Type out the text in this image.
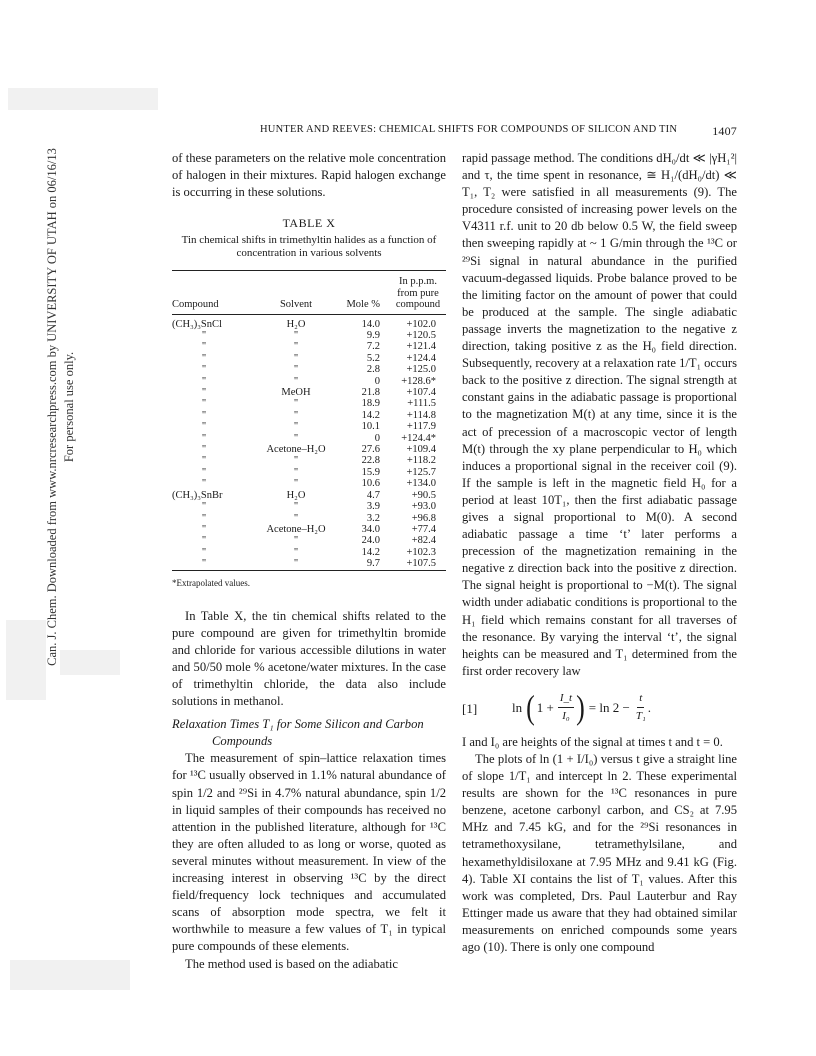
Can. J. Chem. Downloaded from www.nrcresearchpress.com by UNIVERSITY OF UTAH on 06/16/13 For personal use only.
HUNTER AND REEVES: CHEMICAL SHIFTS FOR COMPOUNDS OF SILICON AND TIN	1407

of these parameters on the relative mole concentration of halogen in their mixtures. Rapid halogen exchange is occurring in these solutions.

TABLE X
Tin chemical shifts in trimethyltin halides as a function of concentration in various solvents

Compound	Solvent	Mole %	In p.p.m. from pure compound
(CH₃)₃SnCl	H₂O	14.0	+102.0
"	"	9.9	+120.5
"	"	7.2	+121.4
"	"	5.2	+124.4
"	"	2.8	+125.0
"	"	0	+128.6*
"	MeOH	21.8	+107.4
"	"	18.9	+111.5
"	"	14.2	+114.8
"	"	10.1	+117.9
"	"	0	+124.4*
"	Acetone–H₂O	27.6	+109.4
"	"	22.8	+118.2
"	"	15.9	+125.7
"	"	10.6	+134.0
(CH₃)₃SnBr	H₂O	4.7	+90.5
"	"	3.9	+93.0
"	"	3.2	+96.8
"	Acetone–H₂O	34.0	+77.4
"	"	24.0	+82.4
"	"	14.2	+102.3
"	"	9.7	+107.5
*Extrapolated values.

In Table X, the tin chemical shifts related to the pure compound are given for trimethyltin bromide and chloride for various accessible dilutions in water and 50/50 mole % acetone/water mixtures. In the case of trimethyltin chloride, the data also include solutions in methanol.

Relaxation Times T₁ for Some Silicon and Carbon
Compounds

The measurement of spin–lattice relaxation times for ¹³C usually observed in 1.1% natural abundance of spin 1/2 and ²⁹Si in 4.7% natural abundance, spin 1/2 in liquid samples of their compounds has received no attention in the published literature, although for ¹³C they are often alluded to as long or worse, quoted as several minutes without measurement. In view of the increasing interest in observing ¹³C by the direct field/frequency lock techniques and accumulated scans of absorption mode spectra, we felt it worthwhile to measure a few values of T₁ in typical pure compounds of these elements.

The method used is based on the adiabatic

rapid passage method. The conditions dH₀/dt ≪ |γH₁²| and τ, the time spent in resonance, ≅ H₁/(dH₀/dt) ≪ T₁, T₂ were satisfied in all measurements (9). The procedure consisted of increasing power levels on the V4311 r.f. unit to 20 db below 0.5 W, the field sweep then sweeping rapidly at ~ 1 G/min through the ¹³C or ²⁹Si signal in natural abundance in the purified vacuum-degassed liquids. Probe balance proved to be the limiting factor on the amount of power that could be produced at the sample. The single adiabatic passage inverts the magnetization to the negative z direction, taking positive z as the H₀ field direction. Subsequently, recovery at a relaxation rate 1/T₁ occurs back to the positive z direction. The signal strength at constant gains in the adiabatic passage is proportional to the magnetization M(t) at any time, since it is the act of precession of a macroscopic vector of length M(t) through the xy plane perpendicular to H₀ which induces a proportional signal in the receiver coil (9). If the sample is left in the magnetic field H₀ for a period at least 10T₁, then the first adiabatic passage gives a signal proportional to M(0). A second adiabatic passage a time ‘t’ later performs a precession of the magnetization remaining in the negative z direction back into the positive z direction. The signal height is proportional to −M(t). The signal width under adiabatic conditions is proportional to the H₁ field which remains constant for all traverses of the resonance. By varying the interval ‘t’, the signal heights can be measured and T₁ determined from the first order recovery law

[1]	ln ( $1 + \frac{I\_t}{\text{I₀}}$ ) = $\ln 2 - \frac{t}{\text{T₁}}$ .

I and I₀ are heights of the signal at times t and t = 0.

The plots of ln (1 + I/I₀) versus t give a straight line of slope 1/T₁ and intercept ln 2. These experimental results are shown for the ¹³C resonances in pure benzene, acetone carbonyl carbon, and CS₂ at 7.95 MHz and 7.45 kG, and for the ²⁹Si resonances in tetramethoxysilane, tetramethylsilane, and hexamethyldisiloxane at 7.95 MHz and 9.41 kG (Fig. 4). Table XI contains the list of T₁ values. After this work was completed, Drs. Paul Lauterbur and Ray Ettinger made us aware that they had obtained similar measurements on enriched compounds some years ago (10). There is only one compound
